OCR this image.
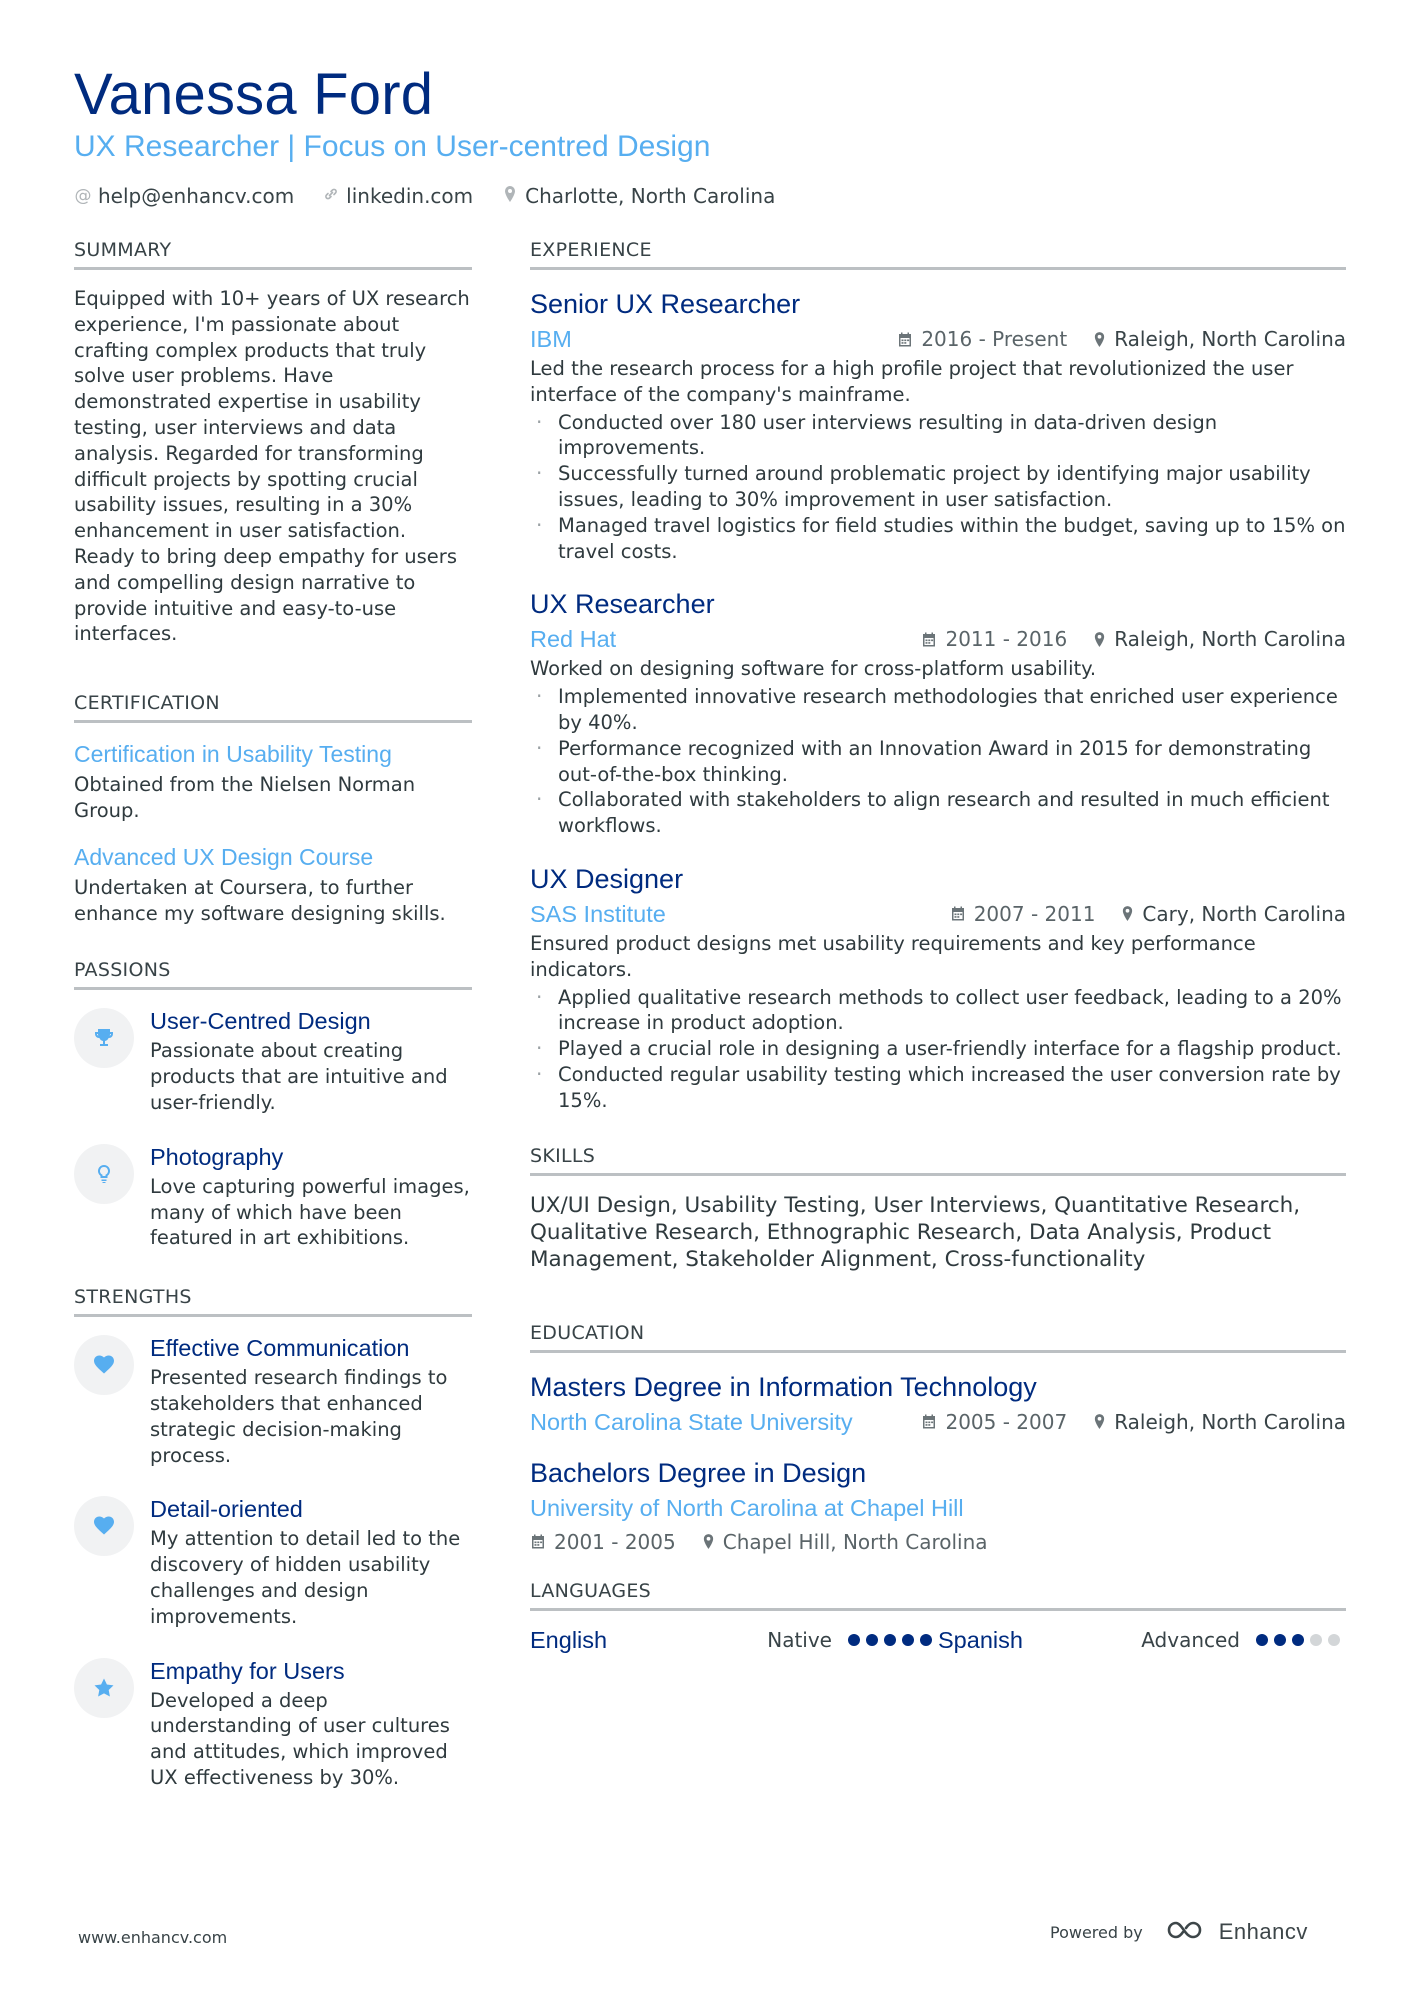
Vanessa Ford
UX Researcher | Focus on User-centred Design
@ help@enhancv.com	linkedin.com	Charlotte, North Carolina
SUMMARY
Equipped with 10+ years of UX research experience, I'm passionate about crafting complex products that truly solve user problems. Have demonstrated expertise in usability testing, user interviews and data analysis. Regarded for transforming difficult projects by spotting crucial usability issues, resulting in a 30% enhancement in user satisfaction. Ready to bring deep empathy for users and compelling design narrative to provide intuitive and easy-to-use interfaces.
CERTIFICATION
Certification in Usability Testing
Obtained from the Nielsen Norman Group.
Advanced UX Design Course
Undertaken at Coursera, to further enhance my software designing skills.
PASSIONS
User-Centred Design
Passionate about creating products that are intuitive and user-friendly.
Photography
Love capturing powerful images, many of which have been featured in art exhibitions.
STRENGTHS
Effective Communication
Presented research findings to stakeholders that enhanced strategic decision-making process.
Detail-oriented
My attention to detail led to the discovery of hidden usability challenges and design improvements.
Empathy for Users
Developed a deep understanding of user cultures and attitudes, which improved UX effectiveness by 30%.
EXPERIENCE
Senior UX Researcher
IBM	2016 - Present Raleigh, North Carolina
Led the research process for a high profile project that revolutionized the user interface of the company's mainframe.
· Conducted over 180 user interviews resulting in data-driven design improvements.
· Successfully turned around problematic project by identifying major usability issues, leading to 30% improvement in user satisfaction.
· Managed travel logistics for field studies within the budget, saving up to 15% on travel costs.
UX Researcher
Red Hat	2011 - 2016 Raleigh, North Carolina
Worked on designing software for cross-platform usability.
· Implemented innovative research methodologies that enriched user experience by 40%.
· Performance recognized with an Innovation Award in 2015 for demonstrating out-of-the-box thinking.
· Collaborated with stakeholders to align research and resulted in much efficient workflows.
UX Designer
SAS Institute	2007 - 2011 Cary, North Carolina
Ensured product designs met usability requirements and key performance indicators.
· Applied qualitative research methods to collect user feedback, leading to a 20% increase in product adoption.
· Played a crucial role in designing a user-friendly interface for a flagship product.
· Conducted regular usability testing which increased the user conversion rate by 15%.
SKILLS
UX/UI Design, Usability Testing, User Interviews, Quantitative Research, Qualitative Research, Ethnographic Research, Data Analysis, Product Management, Stakeholder Alignment, Cross-functionality
EDUCATION
Masters Degree in Information Technology
North Carolina State University	2005 - 2007 Raleigh, North Carolina
Bachelors Degree in Design
University of North Carolina at Chapel Hill
2001 - 2005 Chapel Hill, North Carolina
LANGUAGES
English	Native	Spanish	Advanced
www.enhancv.com	Powered by	Enhancv
